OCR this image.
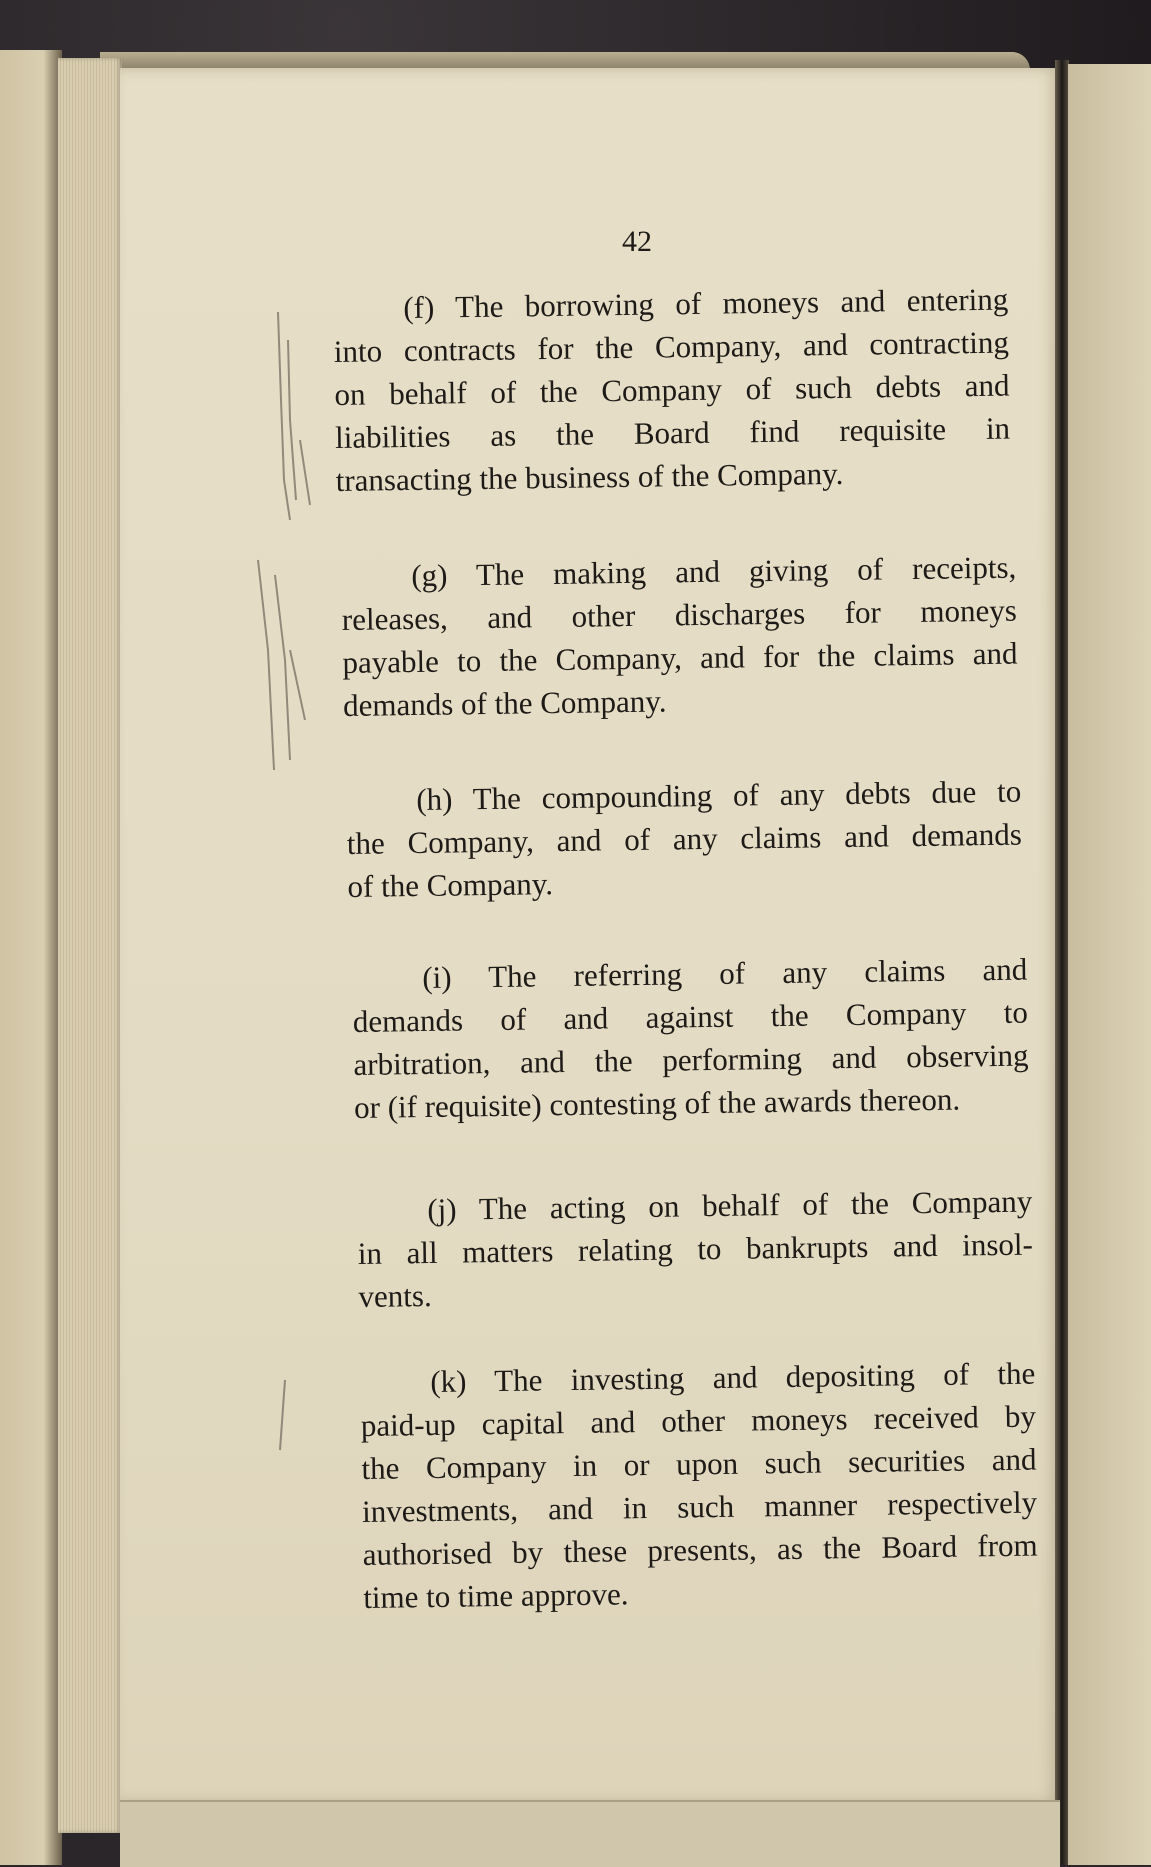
42
(f) The borrowing of moneys and entering
into contracts for the Company, and contracting
on behalf of the Company of such debts and
liabilities as the Board find requisite in
transacting the business of the Company.
(g) The making and giving of receipts,
releases, and other discharges for moneys
payable to the Company, and for the claims and
demands of the Company.
(h) The compounding of any debts due to
the Company, and of any claims and demands
of the Company.
(i) The referring of any claims and
demands of and against the Company to
arbitration, and the performing and observing
or (if requisite) contesting of the awards thereon.
(j) The acting on behalf of the Company
in all matters relating to bankrupts and insol-
vents.
(k) The investing and depositing of the
paid-up capital and other moneys received by
the Company in or upon such securities and
investments, and in such manner respectively
authorised by these presents, as the Board from
time to time approve.
